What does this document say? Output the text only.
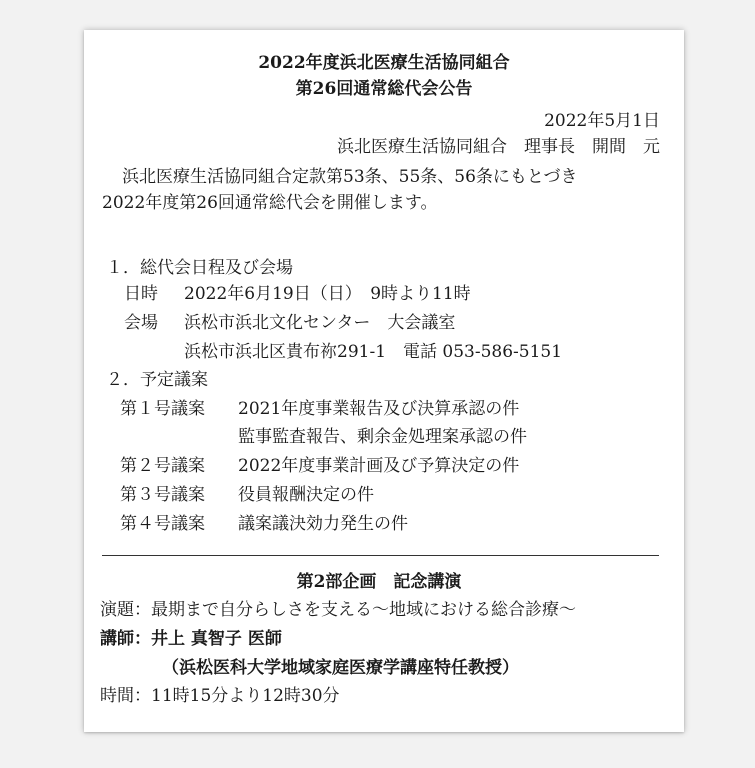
2022年度浜北医療生活協同組合
第26回通常総代会公告
2022年5月1日
浜北医療生活協同組合　理事長　開間　元
浜北医療生活協同組合定款第53条、55条、56条にもとづき
2022年度第26回通常総代会を開催します。
１．総代会日程及び会場
日時 2022年6月19日（日）　9時より11時
会場 浜松市浜北文化センター　大会議室
浜松市浜北区貴布祢291-1　電話 053-586-5151
２．予定議案
第１号議案 2021年度事業報告及び決算承認の件
監事監査報告、剰余金処理案承認の件
第２号議案 2022年度事業計画及び予算決定の件
第３号議案 役員報酬決定の件
第４号議案 議案議決効力発生の件
第2部企画　記念講演
演題：最期まで自分らしさを支える～地域における総合診療～
講師：井上 真智子 医師
（浜松医科大学地域家庭医療学講座特任教授）
時間：11時15分より12時30分
